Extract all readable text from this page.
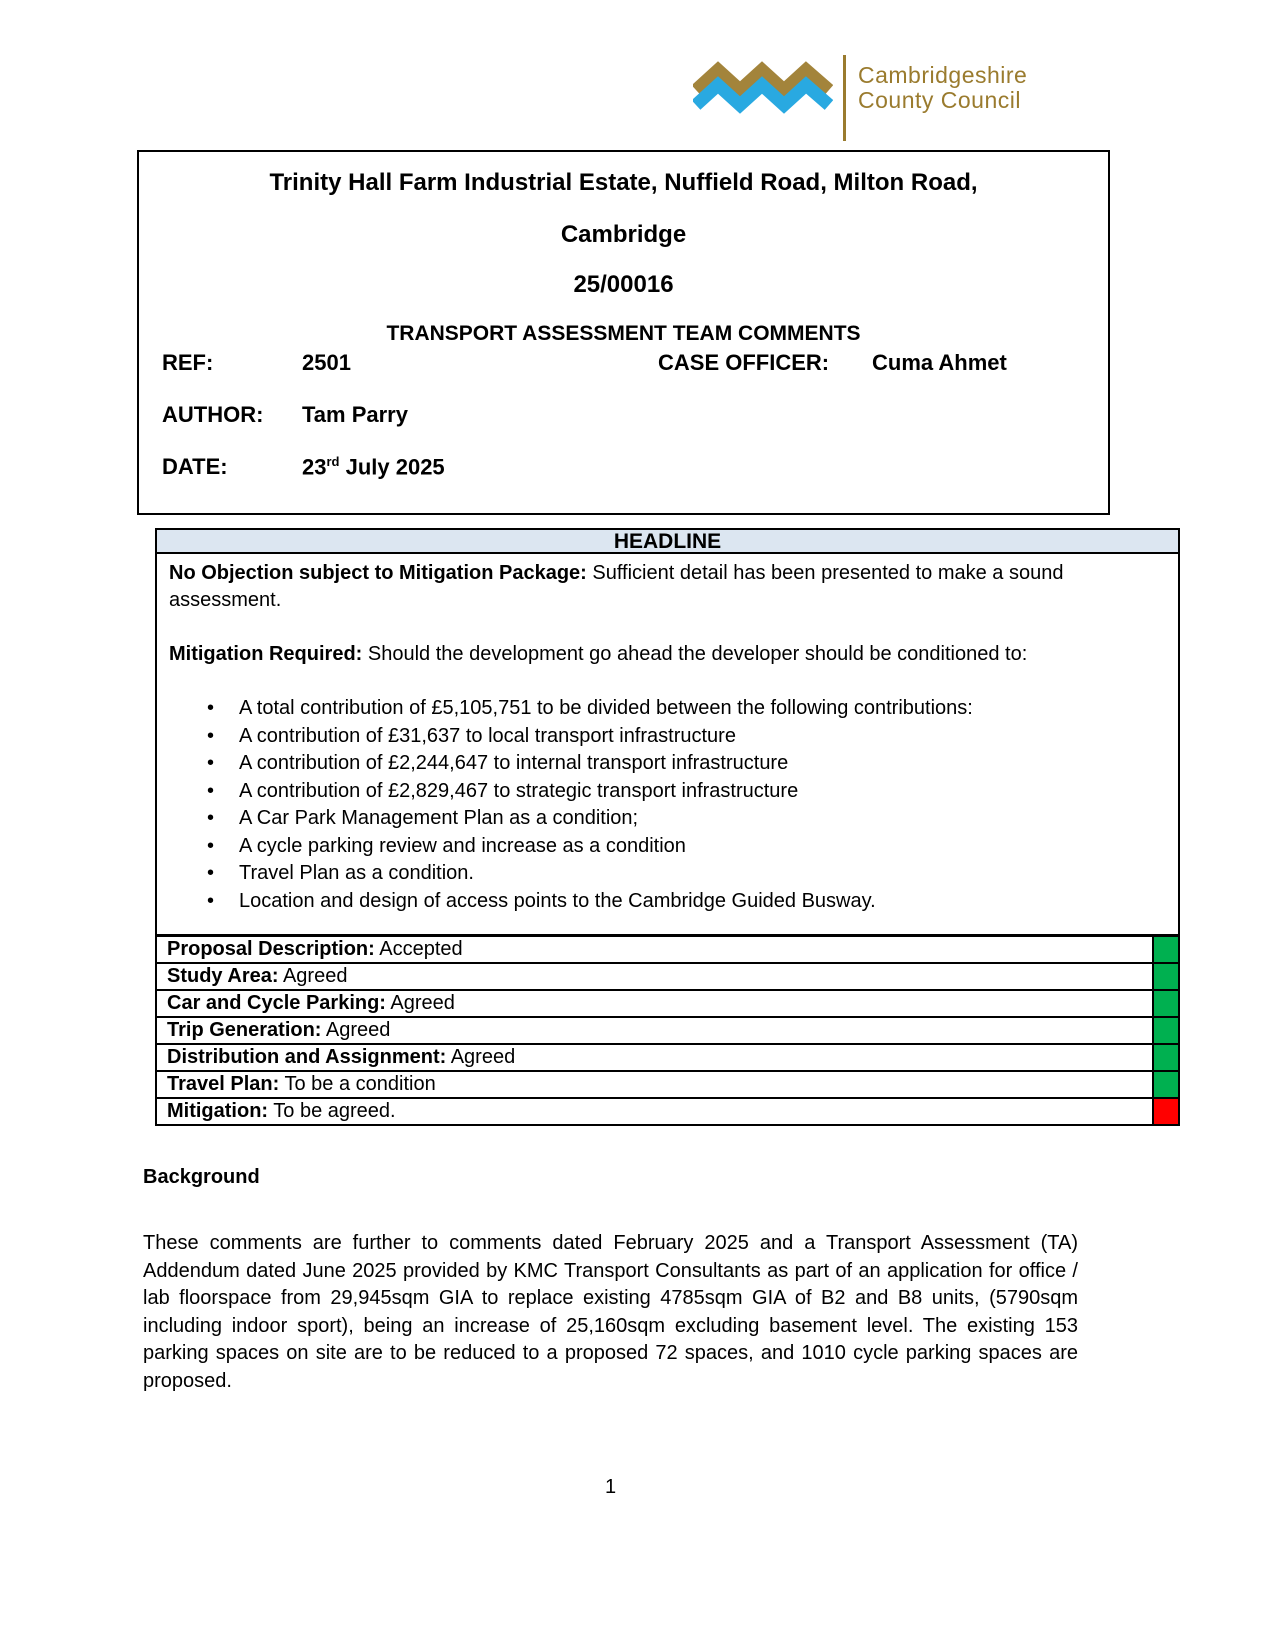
Cambridgeshire
County Council
Trinity Hall Farm Industrial Estate, Nuffield Road, Milton Road,
Cambridge
25/00016
TRANSPORT ASSESSMENT TEAM COMMENTS
REF:	2501	CASE OFFICER: Cuma Ahmet
AUTHOR: Tam Parry
DATE:	23rd July 2025
HEADLINE

No Objection subject to Mitigation Package: Sufficient detail has been presented to make a sound assessment.

Mitigation Required: Should the development go ahead the developer should be conditioned to:

• A total contribution of £5,105,751 to be divided between the following contributions:
• A contribution of £31,637 to local transport infrastructure
• A contribution of £2,244,647 to internal transport infrastructure
• A contribution of £2,829,467 to strategic transport infrastructure
• A Car Park Management Plan as a condition;
• A cycle parking review and increase as a condition
• Travel Plan as a condition.
• Location and design of access points to the Cambridge Guided Busway.
Proposal Description: Accepted
Study Area: Agreed
Car and Cycle Parking: Agreed
Trip Generation: Agreed
Distribution and Assignment: Agreed
Travel Plan: To be a condition
Mitigation: To be agreed.
Background
These comments are further to comments dated February 2025 and a Transport Assessment (TA) Addendum dated June 2025 provided by KMC Transport Consultants as part of an application for office / lab floorspace from 29,945sqm GIA to replace existing 4785sqm GIA of B2 and B8 units, (5790sqm including indoor sport), being an increase of 25,160sqm excluding basement level. The existing 153 parking spaces on site are to be reduced to a proposed 72 spaces, and 1010 cycle parking spaces are proposed.
1
